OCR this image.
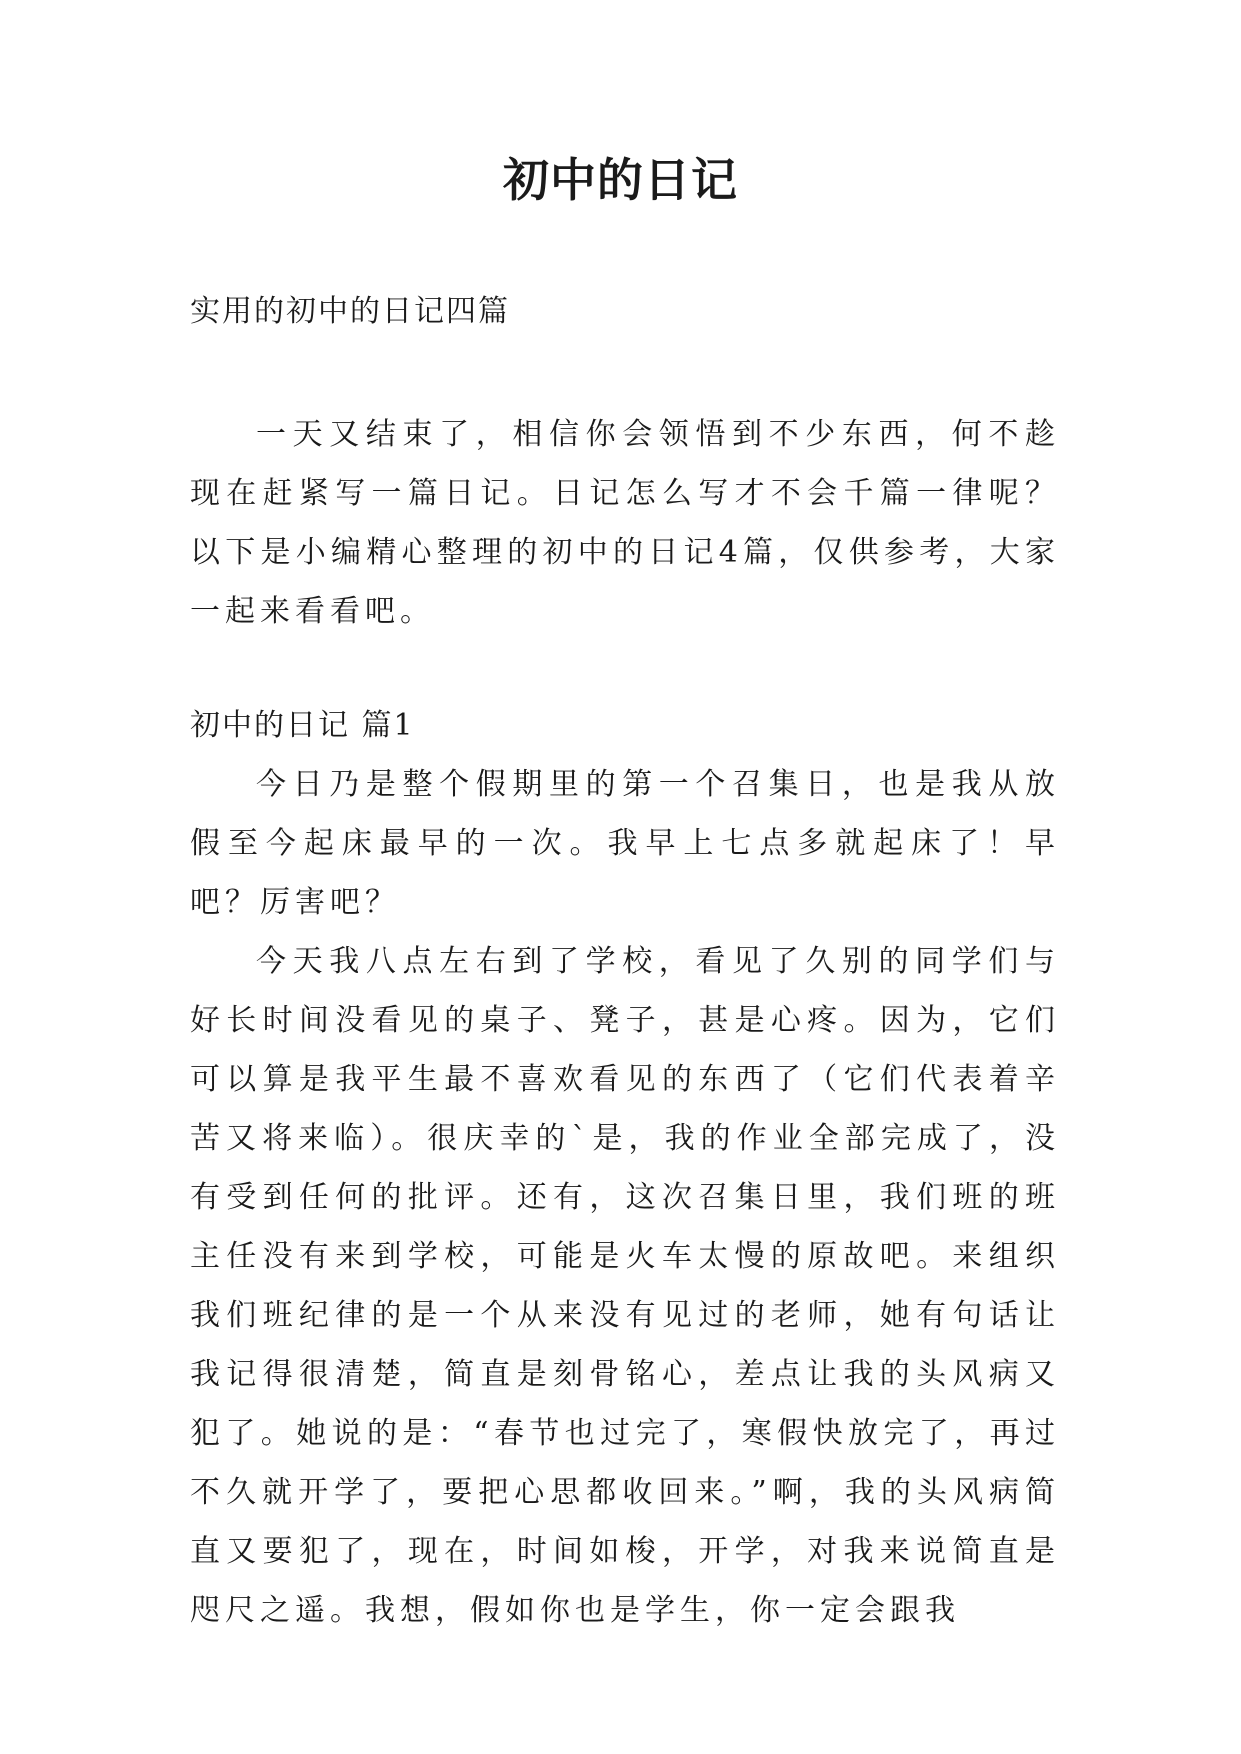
初中的日记
实用的初中的日记四篇

一天又结束了，相信你会领悟到不少东西，何不趁现在赶紧写一篇日记。日记怎么写才不会千篇一律呢？以下是小编精心整理的初中的日记4篇，仅供参考，大家一起来看看吧。

初中的日记 篇1

今日乃是整个假期里的第一个召集日，也是我从放假至今起床最早的一次。我早上七点多就起床了！早吧？厉害吧？

今天我八点左右到了学校，看见了久别的同学们与好长时间没看见的桌子、凳子，甚是心疼。因为，它们可以算是我平生最不喜欢看见的东西了（它们代表着辛苦又将来临）。很庆幸的`是，我的作业全部完成了，没有受到任何的批评。还有，这次召集日里，我们班的班主任没有来到学校，可能是火车太慢的原故吧。来组织我们班纪律的是一个从来没有见过的老师，她有句话让我记得很清楚，简直是刻骨铭心，差点让我的头风病又犯了。她说的是：“春节也过完了，寒假快放完了，再过不久就开学了，要把心思都收回来。”啊，我的头风病简直又要犯了，现在，时间如梭，开学，对我来说简直是咫尺之遥。我想，假如你也是学生，你一定会跟我
